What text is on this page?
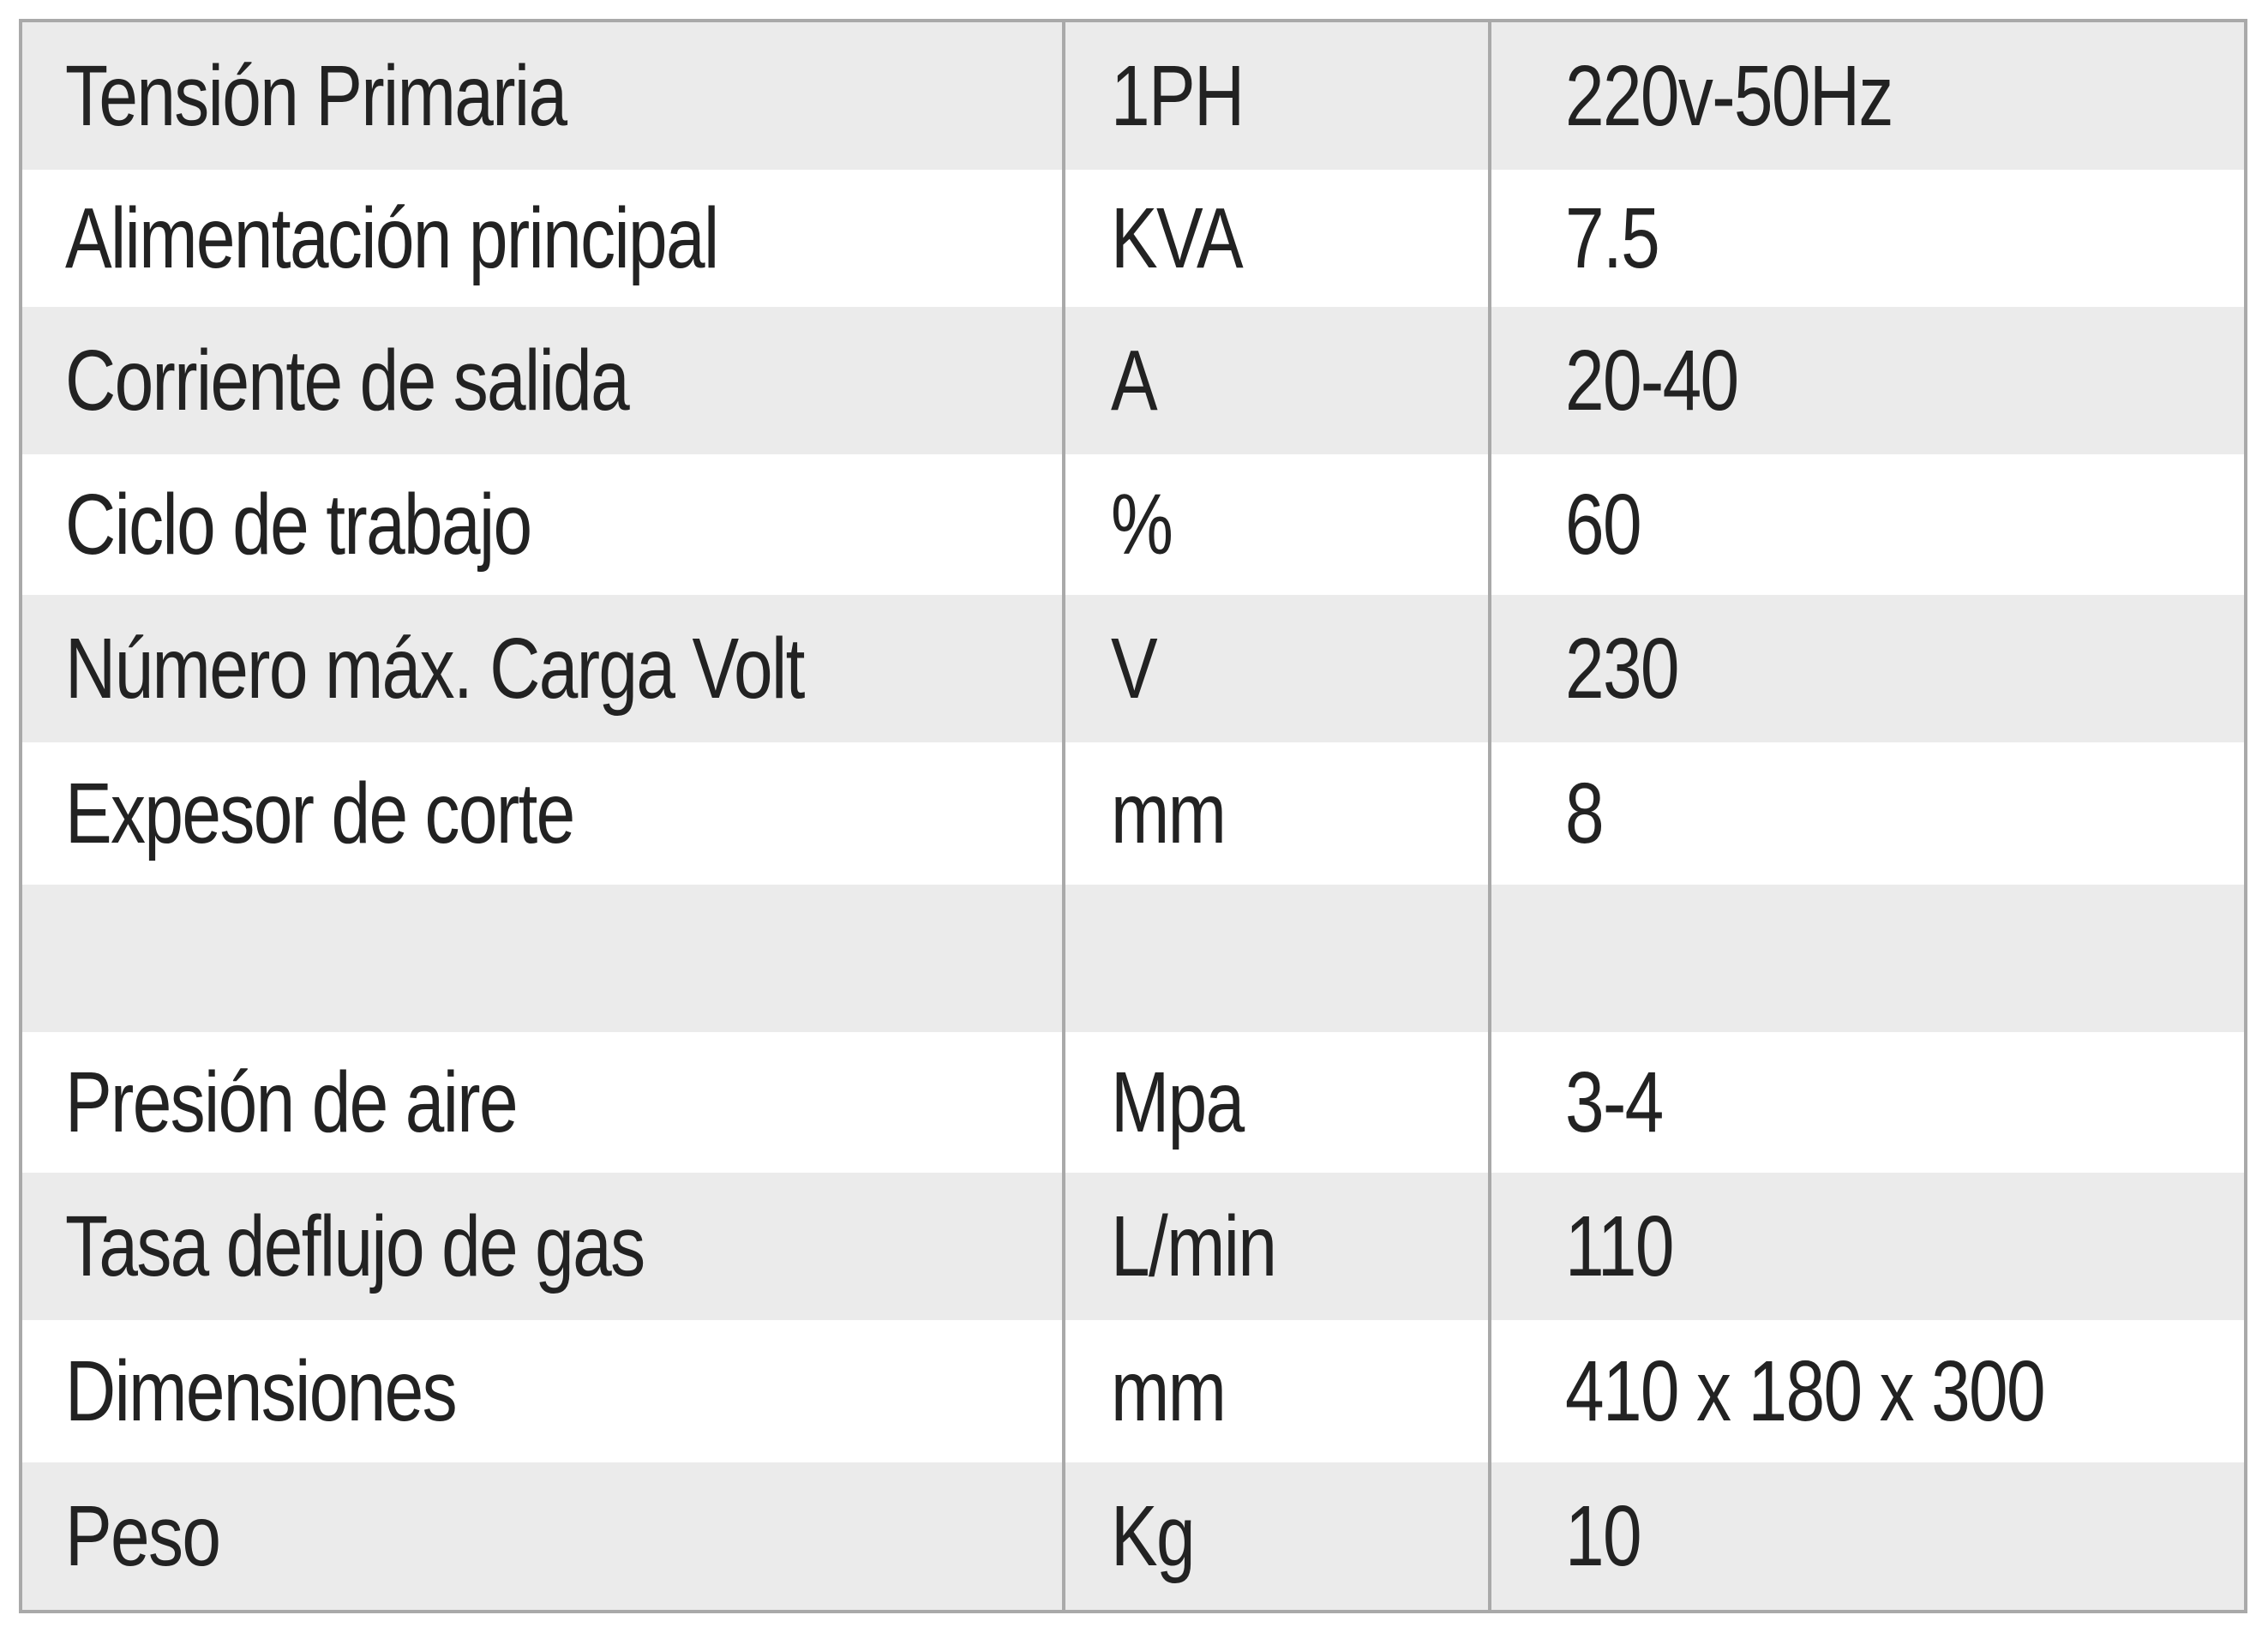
Tensión Primaria	1PH	220v-50Hz
Alimentación principal	KVA	7.5
Corriente de salida	A	20-40
Ciclo de trabajo	%	60
Número máx. Carga Volt	V	230
Expesor de corte	mm	8
Presión de aire	Mpa	3-4
Tasa deflujo de gas	L/min	110
Dimensiones	mm	410 x 180 x 300
Peso	Kg	10
